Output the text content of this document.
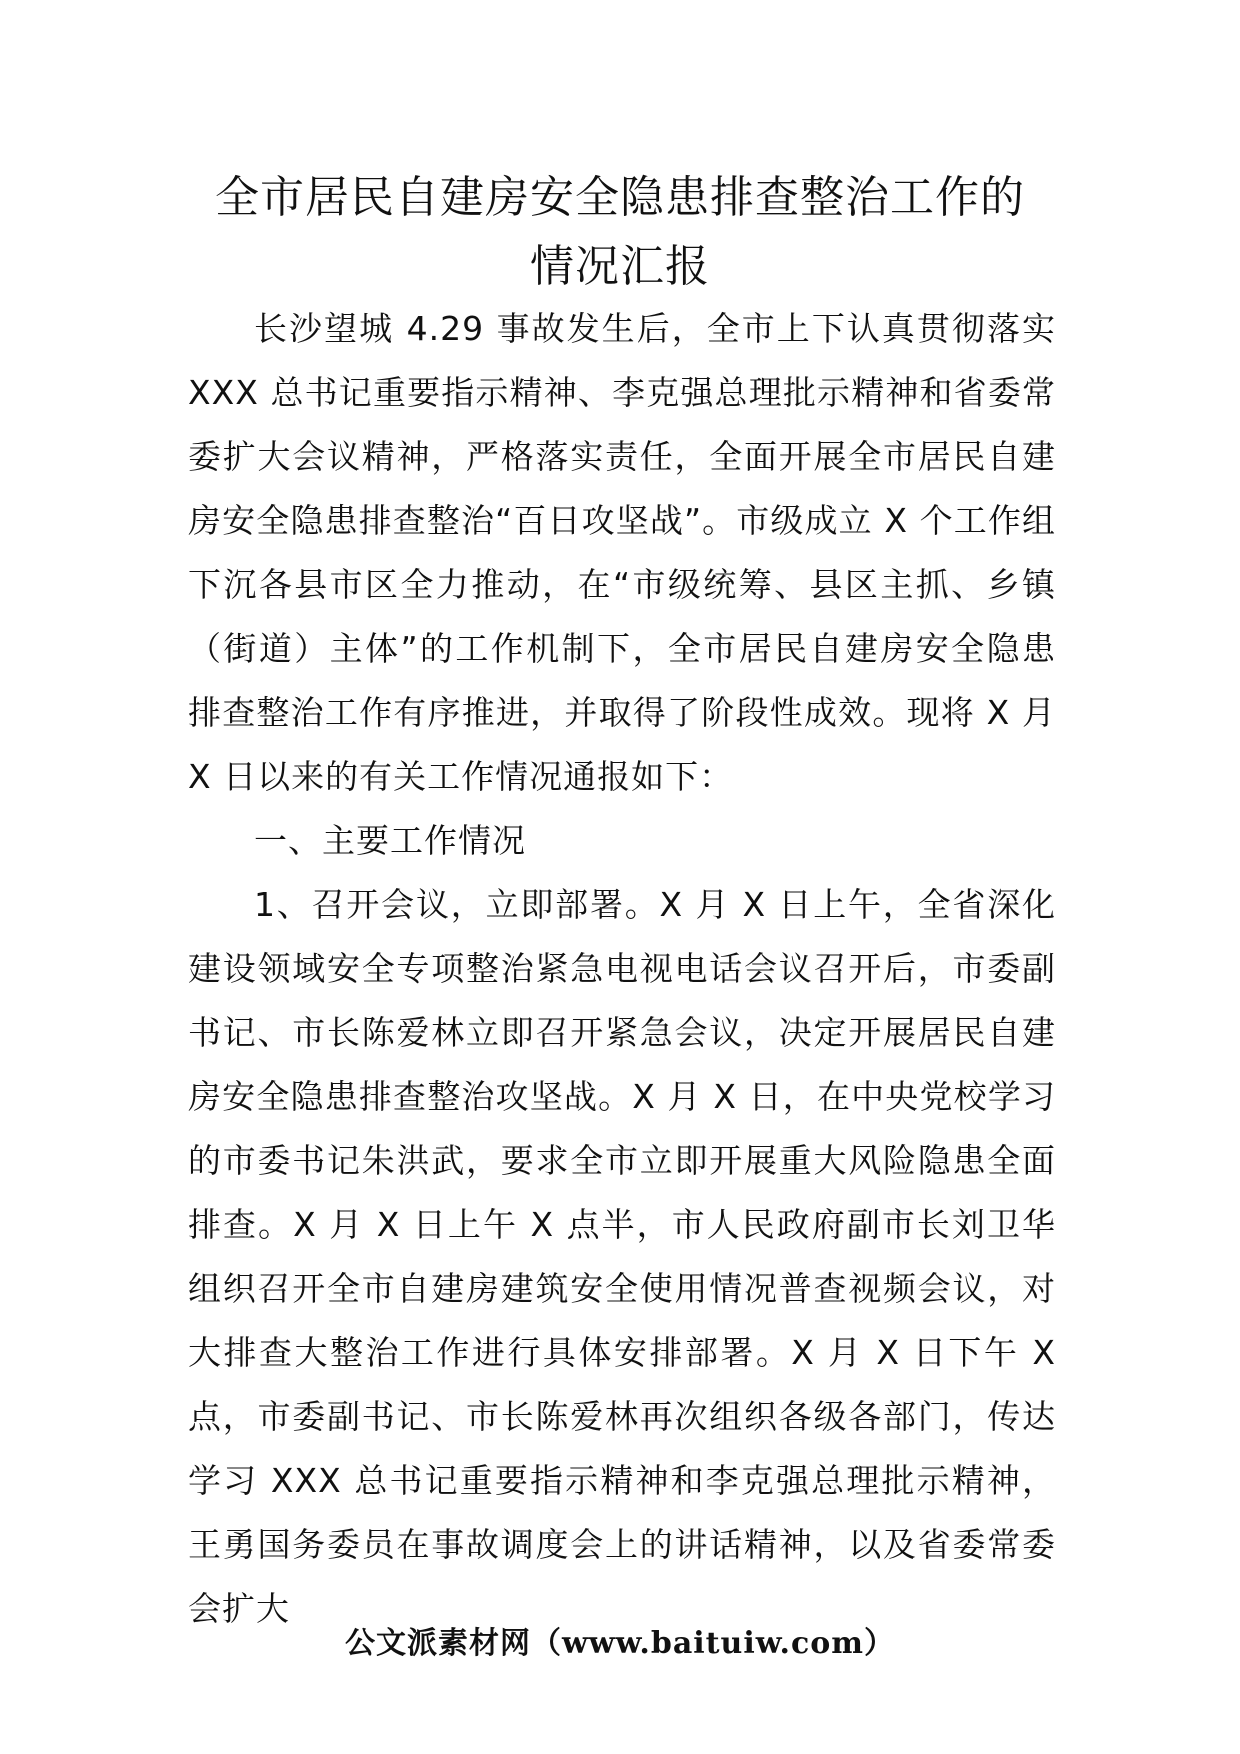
全市居民自建房安全隐患排查整治工作的
情况汇报

长沙望城 4.29 事故发生后，全市上下认真贯彻落实 XXX 总书记重要指示精神、李克强总理批示精神和省委常委扩大会议精神，严格落实责任，全面开展全市居民自建房安全隐患排查整治“百日攻坚战”。市级成立 X 个工作组下沉各县市区全力推动，在“市级统筹、县区主抓、乡镇（街道）主体”的工作机制下，全市居民自建房安全隐患排查整治工作有序推进，并取得了阶段性成效。现将 X 月 X 日以来的有关工作情况通报如下：

一、主要工作情况

1、召开会议，立即部署。X 月 X 日上午，全省深化建设领域安全专项整治紧急电视电话会议召开后，市委副书记、市长陈爱林立即召开紧急会议，决定开展居民自建房安全隐患排查整治攻坚战。X 月 X 日，在中央党校学习的市委书记朱洪武，要求全市立即开展重大风险隐患全面排查。X 月 X 日上午 X 点半，市人民政府副市长刘卫华组织召开全市自建房建筑安全使用情况普查视频会议，对大排查大整治工作进行具体安排部署。X 月 X 日下午 X 点，市委副书记、市长陈爱林再次组织各级各部门，传达学习 XXX 总书记重要指示精神和李克强总理批示精神，王勇国务委员在事故调度会上的讲话精神，以及省委常委会扩大

公文派素材网（www.baituiw.com）
